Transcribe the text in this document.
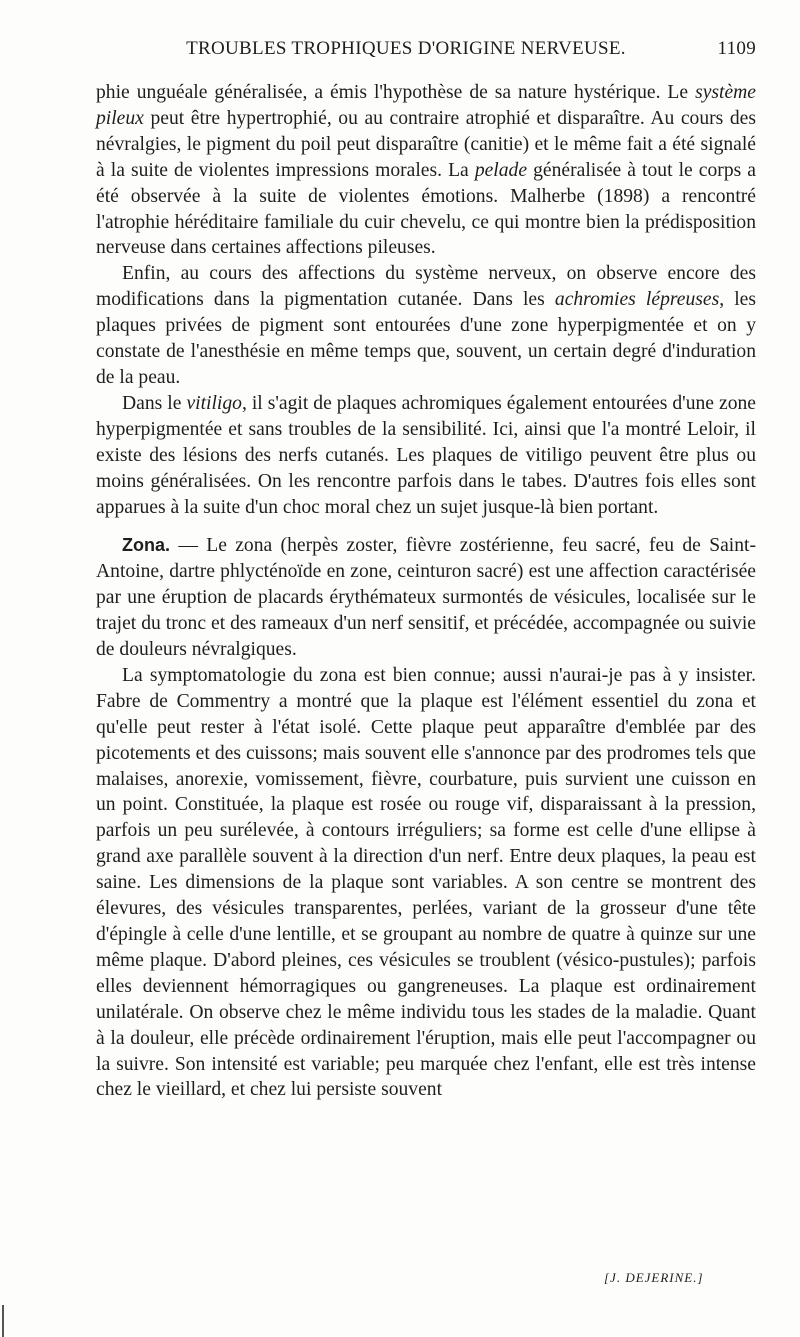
TROUBLES TROPHIQUES D'ORIGINE NERVEUSE.	1109

phie unguéale généralisée, a émis l'hypothèse de sa nature hystérique. Le système pileux peut être hypertrophié, ou au contraire atrophié et disparaître. Au cours des névralgies, le pigment du poil peut disparaître (canitie) et le même fait a été signalé à la suite de violentes impressions morales. La pelade généralisée à tout le corps a été observée à la suite de violentes émotions. Malherbe (1898) a rencontré l'atrophie héréditaire familiale du cuir chevelu, ce qui montre bien la prédisposition nerveuse dans certaines affections pileuses.

Enfin, au cours des affections du système nerveux, on observe encore des modifications dans la pigmentation cutanée. Dans les achromies lépreuses, les plaques privées de pigment sont entourées d'une zone hyperpigmentée et on y constate de l'anesthésie en même temps que, souvent, un certain degré d'induration de la peau.

Dans le vitiligo, il s'agit de plaques achromiques également entourées d'une zone hyperpigmentée et sans troubles de la sensibilité. Ici, ainsi que l'a montré Leloir, il existe des lésions des nerfs cutanés. Les plaques de vitiligo peuvent être plus ou moins généralisées. On les rencontre parfois dans le tabes. D'autres fois elles sont apparues à la suite d'un choc moral chez un sujet jusque-là bien portant.

Zona. — Le zona (herpès zoster, fièvre zostérienne, feu sacré, feu de Saint-Antoine, dartre phlycténoïde en zone, ceinturon sacré) est une affection caractérisée par une éruption de placards érythémateux surmontés de vésicules, localisée sur le trajet du tronc et des rameaux d'un nerf sensitif, et précédée, accompagnée ou suivie de douleurs névralgiques.

La symptomatologie du zona est bien connue; aussi n'aurai-je pas à y insister. Fabre de Commentry a montré que la plaque est l'élément essentiel du zona et qu'elle peut rester à l'état isolé. Cette plaque peut apparaître d'emblée par des picotements et des cuissons; mais souvent elle s'annonce par des prodromes tels que malaises, anorexie, vomissement, fièvre, courbature, puis survient une cuisson en un point. Constituée, la plaque est rosée ou rouge vif, disparaissant à la pression, parfois un peu surélevée, à contours irréguliers; sa forme est celle d'une ellipse à grand axe parallèle souvent à la direction d'un nerf. Entre deux plaques, la peau est saine. Les dimensions de la plaque sont variables. A son centre se montrent des élevures, des vésicules transparentes, perlées, variant de la grosseur d'une tête d'épingle à celle d'une lentille, et se groupant au nombre de quatre à quinze sur une même plaque. D'abord pleines, ces vésicules se troublent (vésico-pustules); parfois elles deviennent hémorragiques ou gangreneuses. La plaque est ordinairement unilatérale. On observe chez le même individu tous les stades de la maladie. Quant à la douleur, elle précède ordinairement l'éruption, mais elle peut l'accompagner ou la suivre. Son intensité est variable; peu marquée chez l'enfant, elle est très intense chez le vieillard, et chez lui persiste souvent

[J. DEJERINE.]
